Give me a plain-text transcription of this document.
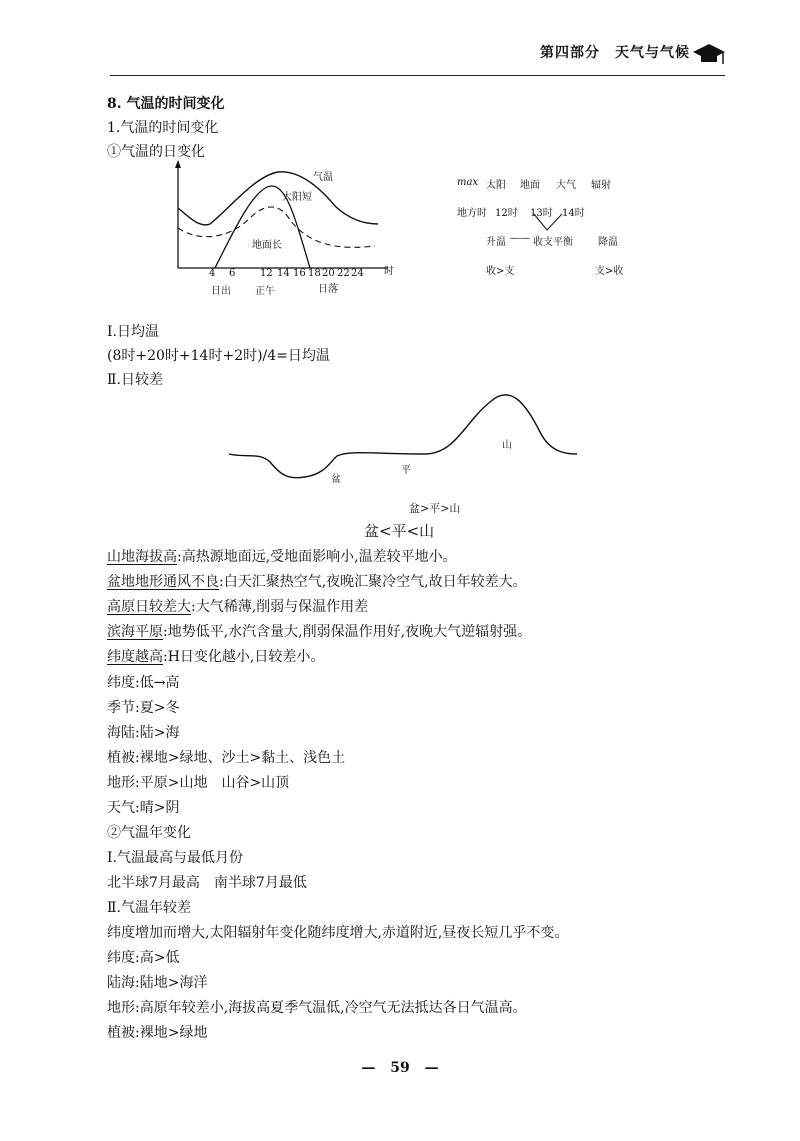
第四部分　天气与气候
8. 气温的时间变化
1.气温的时间变化
①气温的日变化
气温
太阳短
地面长
时
4 6 12 14 16 18 20 22 24
日出 正午	日落
max 太阳 地面 大气 辐射
地方时 12时 13时 14时
升温 —— 收支平衡	降温
收>支	支>收
Ⅰ.日均温
(8时+20时+14时+2时)/4=日均温
Ⅱ.日较差
盆
平
山
盆>平>山
盆<平<山
山地海拔高:高热源地面远,受地面影响小,温差较平地小。
盆地地形通风不良:白天汇聚热空气,夜晚汇聚冷空气,故日年较差大。
高原日较差大:大气稀薄,削弱与保温作用差
滨海平原:地势低平,水汽含量大,削弱保温作用好,夜晚大气逆辐射强。
纬度越高:H日变化越小,日较差小。
纬度:低→高
季节:夏>冬
海陆:陆>海
植被:裸地>绿地、沙土>黏土、浅色土
地形:平原>山地　山谷>山顶
天气:晴>阴
②气温年变化
Ⅰ.气温最高与最低月份
北半球7月最高　南半球7月最低
Ⅱ.气温年较差
纬度增加而增大,太阳辐射年变化随纬度增大,赤道附近,昼夜长短几乎不变。
纬度:高>低
陆海:陆地>海洋
地形:高原年较差小,海拔高夏季气温低,冷空气无法抵达各日气温高。
植被:裸地>绿地
— 59 —
